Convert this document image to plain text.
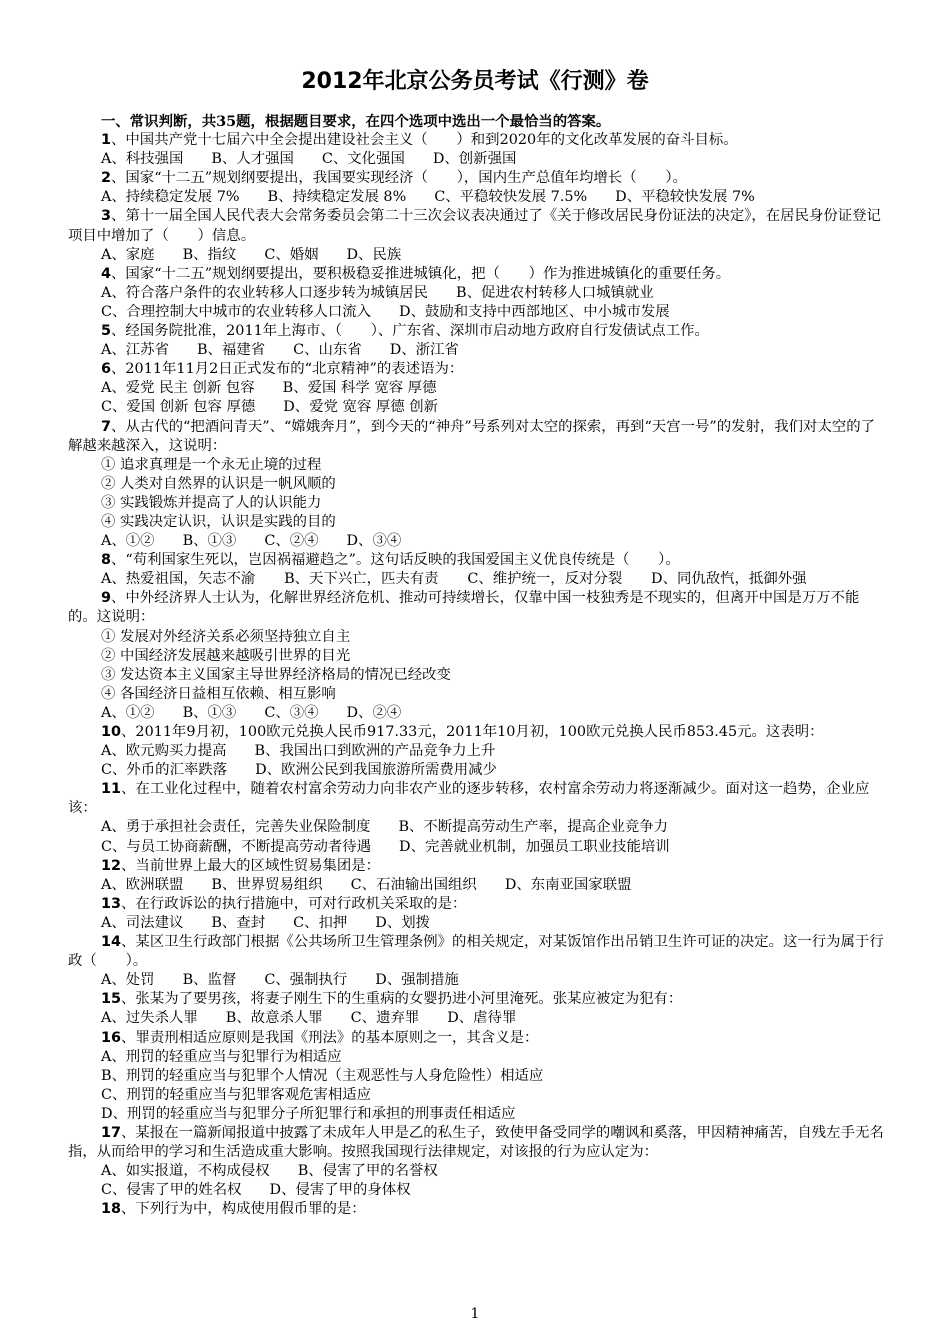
2012年北京公务员考试《行测》卷
一、常识判断，共35题，根据题目要求，在四个选项中选出一个最恰当的答案。
1、中国共产党十七届六中全会提出建设社会主义（　　）和到2020年的文化改革发展的奋斗目标。
A、科技强国 B、人才强国 C、文化强国 D、创新强国
2、国家“十二五”规划纲要提出，我国要实现经济（　　），国内生产总值年均增长（　　）。
A、持续稳定发展 7% B、持续稳定发展 8% C、平稳较快发展 7.5% D、平稳较快发展 7%
3、第十一届全国人民代表大会常务委员会第二十三次会议表决通过了《关于修改居民身份证法的决定》，在居民身份证登记项目中增加了（　　）信息。
A、家庭 B、指纹 C、婚姻 D、民族
4、国家“十二五”规划纲要提出，要积极稳妥推进城镇化，把（　　）作为推进城镇化的重要任务。
A、符合落户条件的农业转移人口逐步转为城镇居民 B、促进农村转移人口城镇就业
C、合理控制大中城市的农业转移人口流入 D、鼓励和支持中西部地区、中小城市发展
5、经国务院批准，2011年上海市、（　　）、广东省、深圳市启动地方政府自行发债试点工作。
A、江苏省 B、福建省 C、山东省 D、浙江省
6、2011年11月2日正式发布的“北京精神”的表述语为：
A、爱党 民主 创新 包容 B、爱国 科学 宽容 厚德
C、爱国 创新 包容 厚德 D、爱党 宽容 厚德 创新
7、从古代的“把酒问青天”、“嫦娥奔月”，到今天的“神舟”号系列对太空的探索，再到“天宫一号”的发射，我们对太空的了解越来越深入，这说明：
① 追求真理是一个永无止境的过程
② 人类对自然界的认识是一帆风顺的
③ 实践锻炼并提高了人的认识能力
④ 实践决定认识，认识是实践的目的
A、①② B、①③ C、②④ D、③④
8、“苟利国家生死以，岂因祸福避趋之”。这句话反映的我国爱国主义优良传统是（　　）。
A、热爱祖国，矢志不渝　　B、天下兴亡，匹夫有责　　C、维护统一，反对分裂　　D、同仇敌忾，抵御外强
9、中外经济界人士认为，化解世界经济危机、推动可持续增长，仅靠中国一枝独秀是不现实的，但离开中国是万万不能的。这说明：
① 发展对外经济关系必须坚持独立自主
② 中国经济发展越来越吸引世界的目光
③ 发达资本主义国家主导世界经济格局的情况已经改变
④ 各国经济日益相互依赖、相互影响
A、①② B、①③ C、③④ D、②④
10、2011年9月初，100欧元兑换人民币917.33元，2011年10月初，100欧元兑换人民币853.45元。这表明：
A、欧元购买力提高 B、我国出口到欧洲的产品竞争力上升
C、外币的汇率跌落 D、欧洲公民到我国旅游所需费用减少
11、在工业化过程中，随着农村富余劳动力向非农产业的逐步转移，农村富余劳动力将逐渐减少。面对这一趋势，企业应该：
A、勇于承担社会责任，完善失业保险制度 B、不断提高劳动生产率，提高企业竞争力
C、与员工协商薪酬，不断提高劳动者待遇 D、完善就业机制，加强员工职业技能培训
12、当前世界上最大的区域性贸易集团是：
A、欧洲联盟 B、世界贸易组织 C、石油输出国组织 D、东南亚国家联盟
13、在行政诉讼的执行措施中，可对行政机关采取的是：
A、司法建议 B、查封 C、扣押 D、划拨
14、某区卫生行政部门根据《公共场所卫生管理条例》的相关规定，对某饭馆作出吊销卫生许可证的决定。这一行为属于行政（　　）。
A、处罚 B、监督 C、强制执行 D、强制措施
15、张某为了要男孩，将妻子刚生下的生重病的女婴扔进小河里淹死。张某应被定为犯有：
A、过失杀人罪 B、故意杀人罪 C、遗弃罪 D、虐待罪
16、罪责刑相适应原则是我国《刑法》的基本原则之一，其含义是：
A、刑罚的轻重应当与犯罪行为相适应
B、刑罚的轻重应当与犯罪个人情况（主观恶性与人身危险性）相适应
C、刑罚的轻重应当与犯罪客观危害相适应
D、刑罚的轻重应当与犯罪分子所犯罪行和承担的刑事责任相适应
17、某报在一篇新闻报道中披露了未成年人甲是乙的私生子，致使甲备受同学的嘲讽和奚落，甲因精神痛苦，自残左手无名指，从而给甲的学习和生活造成重大影响。按照我国现行法律规定，对该报的行为应认定为：
A、如实报道，不构成侵权 B、侵害了甲的名誉权
C、侵害了甲的姓名权 D、侵害了甲的身体权
18、下列行为中，构成使用假币罪的是：
1
